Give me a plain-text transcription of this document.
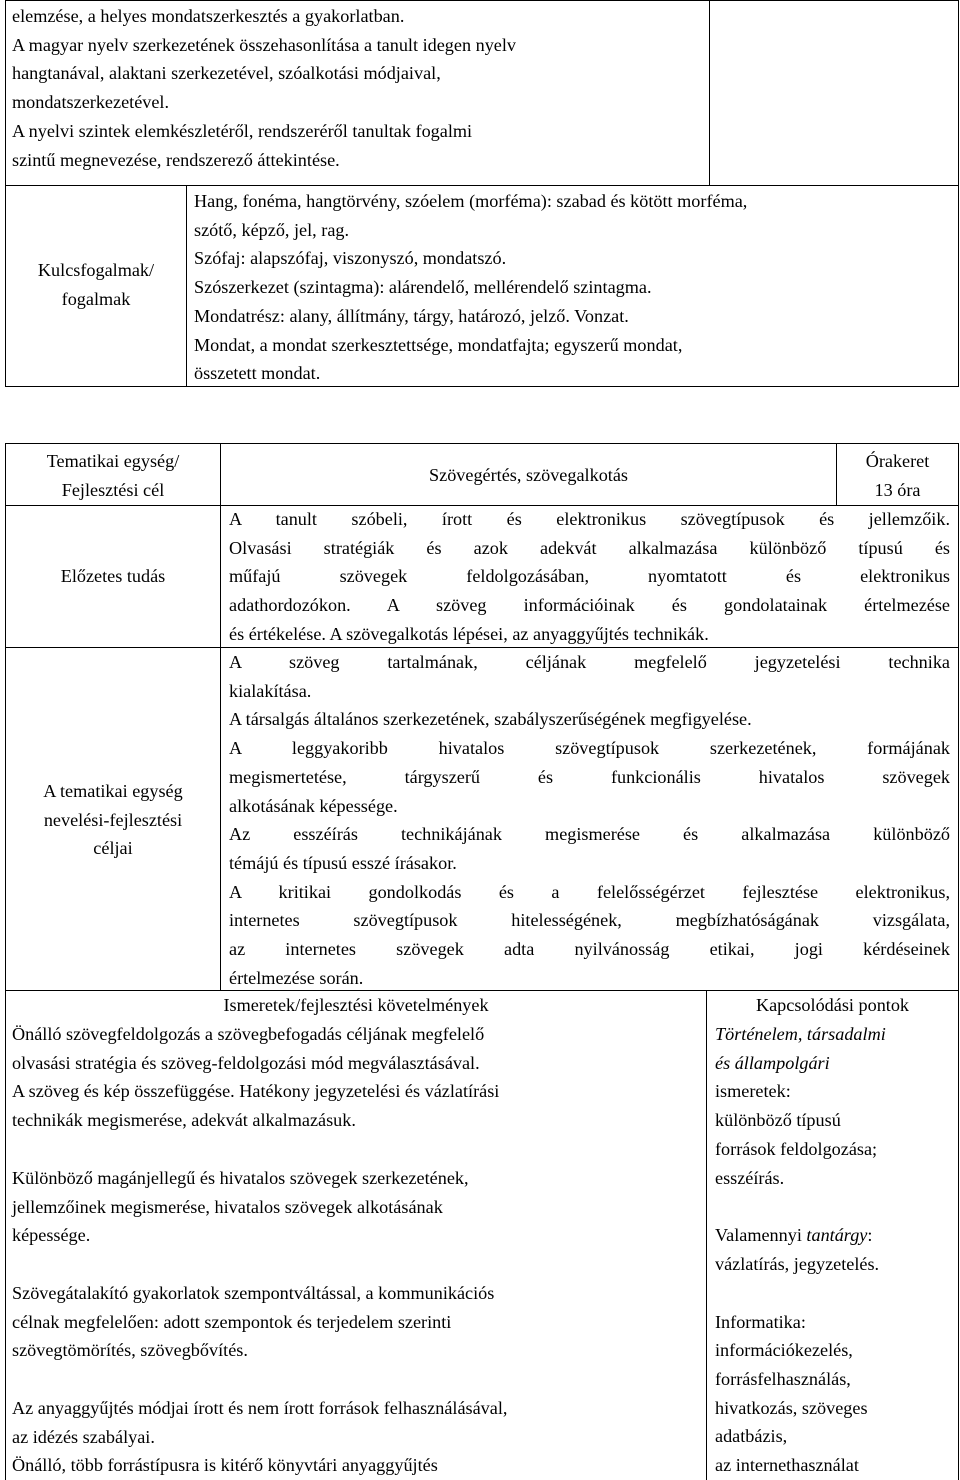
elemzése, a helyes mondatszerkesztés a gyakorlatban.
A magyar nyelv szerkezetének összehasonlítása a tanult idegen nyelv
hangtanával, alaktani szerkezetével, szóalkotási módjaival,
mondatszerkezetével.
A nyelvi szintek elemkészletéről, rendszeréről tanultak fogalmi
szintű megnevezése, rendszerező áttekintése.
Kulcsfogalmak/
fogalmak
Hang, fonéma, hangtörvény, szóelem (morféma): szabad és kötött morféma,
szótő, képző, jel, rag.
Szófaj: alapszófaj, viszonyszó, mondatszó.
Szószerkezet (szintagma): alárendelő, mellérendelő szintagma.
Mondatrész: alany, állítmány, tárgy, határozó, jelző. Vonzat.
Mondat, a mondat szerkesztettsége, mondatfajta; egyszerű mondat,
összetett mondat.
Tematikai egység/
Fejlesztési cél
Szövegértés, szövegalkotás
Órakeret
13 óra
Előzetes tudás
A tanult szóbeli, írott és elektronikus szövegtípusok és jellemzőik.
Olvasási stratégiák és azok adekvát alkalmazása különböző típusú és
műfajú szövegek feldolgozásában, nyomtatott és elektronikus
adathordozókon. A szöveg információinak és gondolatainak értelmezése
és értékelése. A szövegalkotás lépései, az anyaggyűjtés technikák.
A tematikai egység
nevelési-fejlesztési
céljai
A szöveg tartalmának, céljának megfelelő jegyzetelési technika
kialakítása.
A társalgás általános szerkezetének, szabályszerűségének megfigyelése.
A leggyakoribb hivatalos szövegtípusok szerkezetének, formájának
megismertetése, tárgyszerű és funkcionális hivatalos szövegek
alkotásának képessége.
Az esszéírás technikájának megismerése és alkalmazása különböző
témájú és típusú esszé írásakor.
A kritikai gondolkodás és a felelősségérzet fejlesztése elektronikus,
internetes szövegtípusok hitelességének, megbízhatóságának vizsgálata,
az internetes szövegek adta nyilvánosság etikai, jogi kérdéseinek
értelmezése során.
Ismeretek/fejlesztési követelmények
Önálló szövegfeldolgozás a szövegbefogadás céljának megfelelő
olvasási stratégia és szöveg-feldolgozási mód megválasztásával.
A szöveg és kép összefüggése. Hatékony jegyzetelési és vázlatírási
technikák megismerése, adekvát alkalmazásuk.
Különböző magánjellegű és hivatalos szövegek szerkezetének,
jellemzőinek megismerése, hivatalos szövegek alkotásának
képessége.
Szövegátalakító gyakorlatok szempontváltással, a kommunikációs
célnak megfelelően: adott szempontok és terjedelem szerinti
szövegtömörítés, szövegbővítés.
Az anyaggyűjtés módjai írott és nem írott források felhasználásával,
az idézés szabályai.
Önálló, több forrástípusra is kitérő könyvtári anyaggyűjtés
Kapcsolódási pontok
Történelem, társadalmi
és állampolgári
ismeretek:
különböző típusú
források feldolgozása;
esszéírás.
Valamennyi tantárgy:
vázlatírás, jegyzetelés.
Informatika:
információkezelés,
forrásfelhasználás,
hivatkozás, szöveges
adatbázis,
az internethasználat
